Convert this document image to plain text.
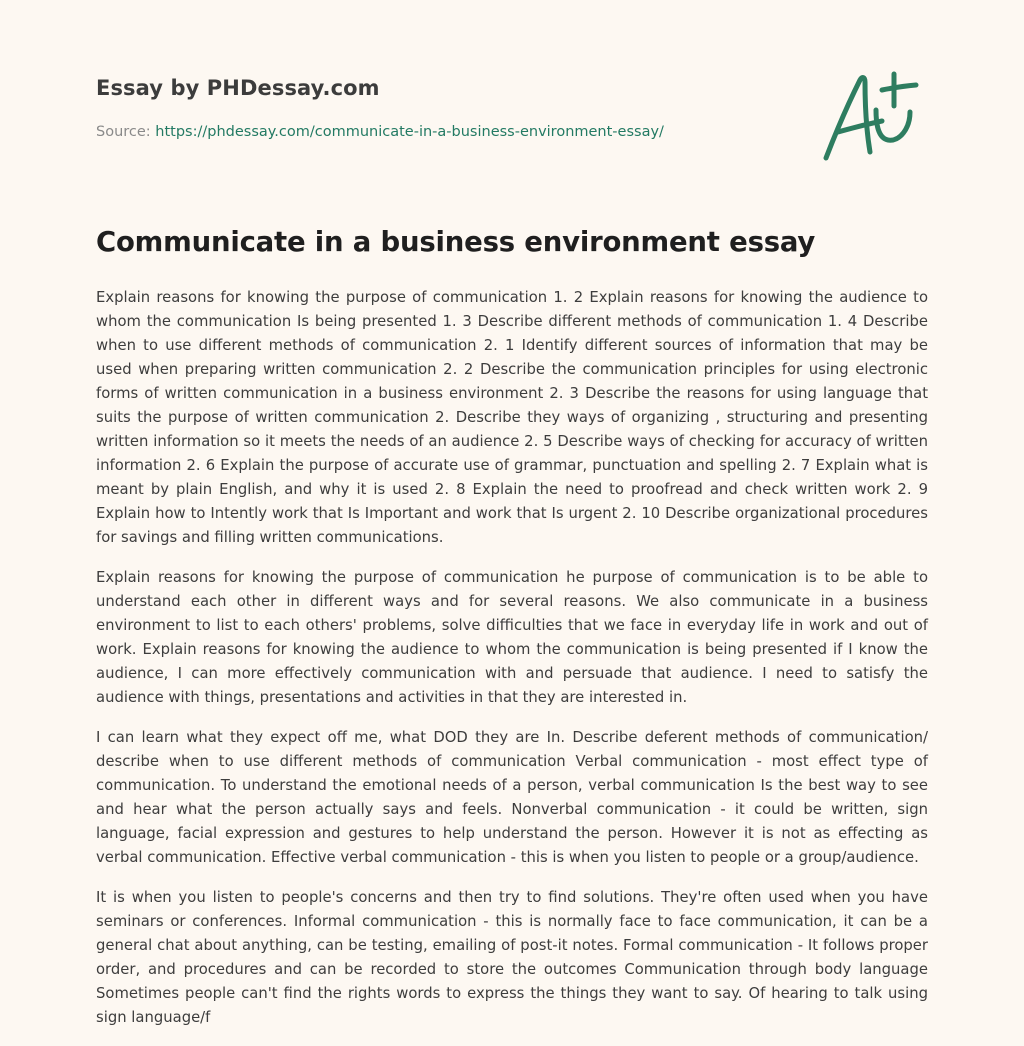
Essay by PHDessay.com
Source: https://phdessay.com/communicate-in-a-business-environment-essay/
Communicate in a business environment essay

Explain reasons for knowing the purpose of communication 1. 2 Explain reasons for knowing the audience to whom the communication Is being presented 1. 3 Describe different methods of communication 1. 4 Describe when to use different methods of communication 2. 1 Identify different sources of information that may be used when preparing written communication 2. 2 Describe the communication principles for using electronic forms of written communication in a business environment 2. 3 Describe the reasons for using language that suits the purpose of written communication 2. Describe they ways of organizing , structuring and presenting written information so it meets the needs of an audience 2. 5 Describe ways of checking for accuracy of written information 2. 6 Explain the purpose of accurate use of grammar, punctuation and spelling 2. 7 Explain what is meant by plain English, and why it is used 2. 8 Explain the need to proofread and check written work 2. 9 Explain how to Intently work that Is Important and work that Is urgent 2. 10 Describe organizational procedures for savings and filling written communications.

Explain reasons for knowing the purpose of communication he purpose of communication is to be able to understand each other in different ways and for several reasons. We also communicate in a business environment to list to each others' problems, solve difficulties that we face in everyday life in work and out of work. Explain reasons for knowing the audience to whom the communication is being presented if I know the audience, I can more effectively communication with and persuade that audience. I need to satisfy the audience with things, presentations and activities in that they are interested in.

I can learn what they expect off me, what DOD they are In. Describe deferent methods of communication/ describe when to use different methods of communication Verbal communication - most effect type of communication. To understand the emotional needs of a person, verbal communication Is the best way to see and hear what the person actually says and feels. Nonverbal communication - it could be written, sign language, facial expression and gestures to help understand the person. However it is not as effecting as verbal communication. Effective verbal communication - this is when you listen to people or a group/audience.

It is when you listen to people's concerns and then try to find solutions. They're often used when you have seminars or conferences. Informal communication - this is normally face to face communication, it can be a general chat about anything, can be testing, emailing of post-it notes. Formal communication - It follows proper order, and procedures and can be recorded to store the outcomes Communication through body language Sometimes people can't find the rights words to express the things they want to say. Of hearing to talk using sign language/f
